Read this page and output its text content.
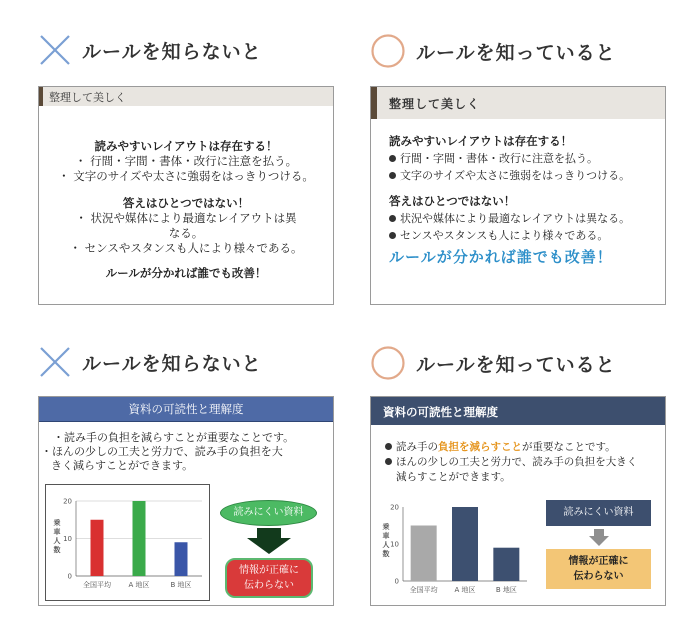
ルールを知らないと	ルールを知っていると
整理して美しく
読みやすいレイアウトは存在する！
・ 行間・字間・書体・改行に注意を払う。
・ 文字のサイズや太さに強弱をはっきりつける。
答えはひとつではない！
・ 状況や媒体により最適なレイアウトは異
なる。
・ センスやスタンスも人により様々である。
ルールが分かれば誰でも改善！
整理して美しく
読みやすいレイアウトは存在する！
行間・字間・書体・改行に注意を払う。
文字のサイズや太さに強弱をはっきりつける。
答えはひとつではない！
状況や媒体により最適なレイアウトは異なる。
センスやスタンスも人により様々である。
ルールが分かれば誰でも改善！
ルールを知らないと	ルールを知っていると
資料の可読性と理解度
・読み手の負担を減らすことが重要なことです。
・ほんの少しの工夫と労力で、読み手の負担を大
きく減らすことができます。
乗
車
人
数
0
10
20
全国平均 A 地区	B 地区
読みにくい資料
情報が正確に
伝わらない
資料の可読性と理解度
読み手の負担を減らすことが重要なことです。
ほんの少しの工夫と労力で、読み手の負担を大きく
減らすことができます。
乗
車
人
数
0
10
20
全国平均 A 地区	B 地区
読みにくい資料
情報が正確に
伝わらない
